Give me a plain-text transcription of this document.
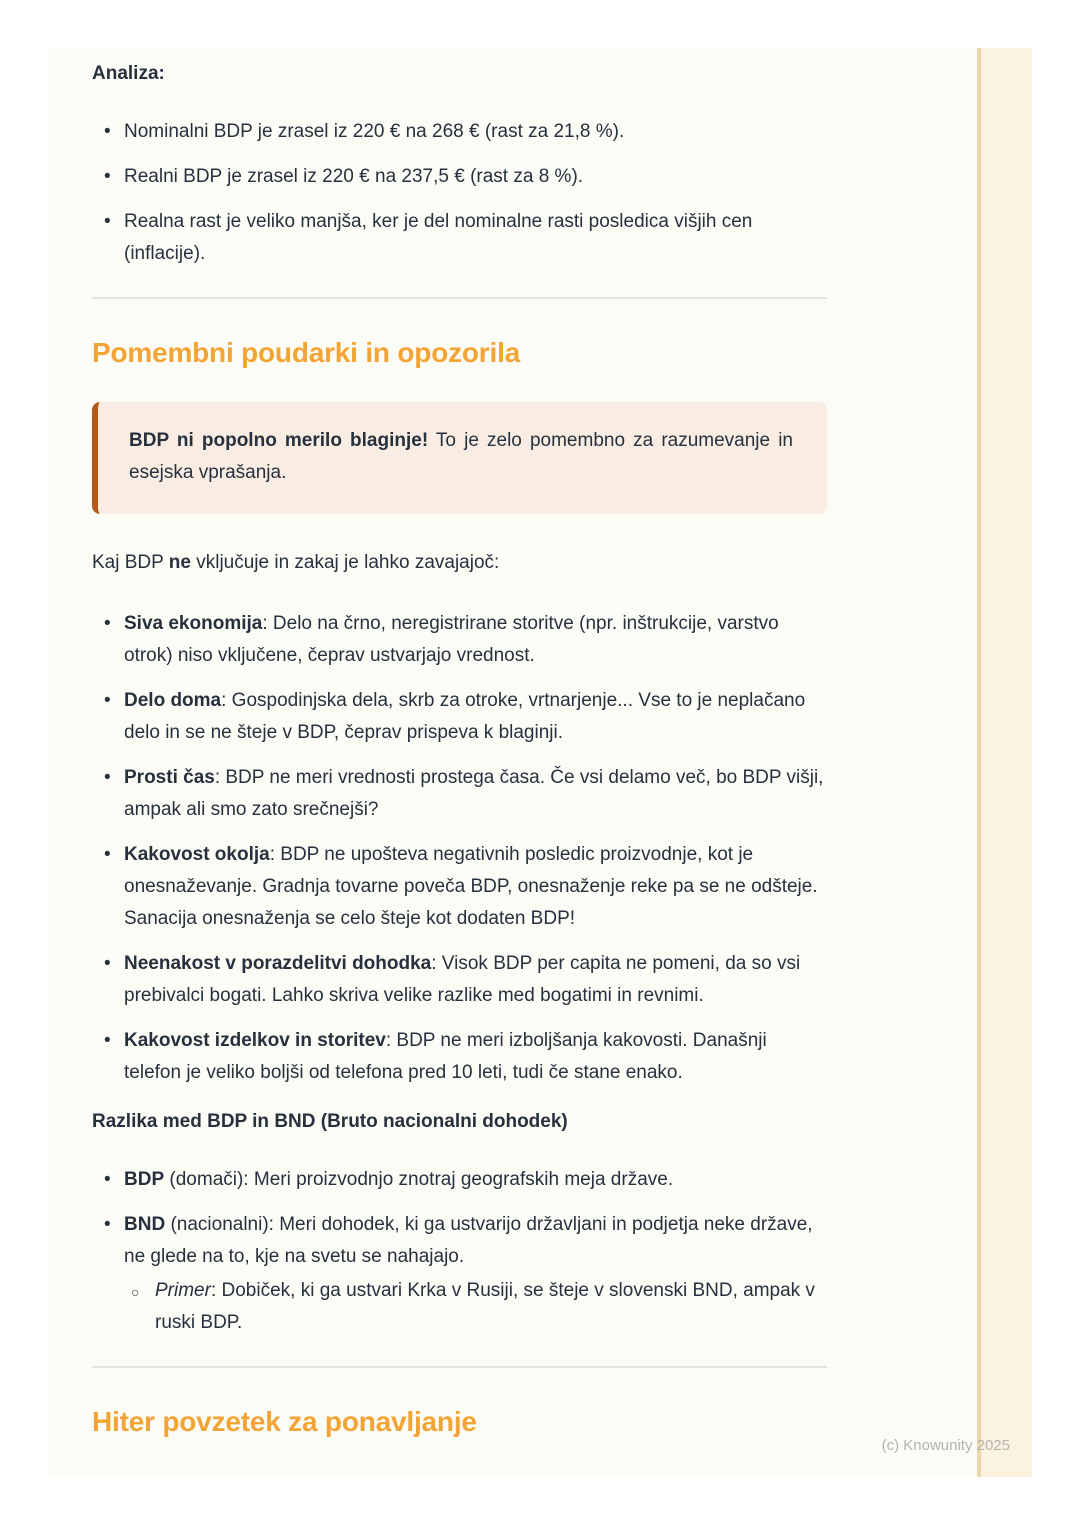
Analiza:
• Nominalni BDP je zrasel iz 220 € na 268 € (rast za 21,8 %).
• Realni BDP je zrasel iz 220 € na 237,5 € (rast za 8 %).
• Realna rast je veliko manjša, ker je del nominalne rasti posledica višjih cen (inflacije).
Pomembni poudarki in opozorila
BDP ni popolno merilo blaginje! To je zelo pomembno za razumevanje in esejska vprašanja.

Kaj BDP ne vključuje in zakaj je lahko zavajajoč:

• Siva ekonomija: Delo na črno, neregistrirane storitve (npr. inštrukcije, varstvo otrok) niso vključene, čeprav ustvarjajo vrednost.
• Delo doma: Gospodinjska dela, skrb za otroke, vrtnarjenje... Vse to je neplačano delo in se ne šteje v BDP, čeprav prispeva k blaginji.
• Prosti čas: BDP ne meri vrednosti prostega časa. Če vsi delamo več, bo BDP višji, ampak ali smo zato srečnejši?
• Kakovost okolja: BDP ne upošteva negativnih posledic proizvodnje, kot je onesnaževanje. Gradnja tovarne poveča BDP, onesnaženje reke pa se ne odšteje. Sanacija onesnaženja se celo šteje kot dodaten BDP!
• Neenakost v porazdelitvi dohodka: Visok BDP per capita ne pomeni, da so vsi prebivalci bogati. Lahko skriva velike razlike med bogatimi in revnimi.
• Kakovost izdelkov in storitev: BDP ne meri izboljšanja kakovosti. Današnji telefon je veliko boljši od telefona pred 10 leti, tudi če stane enako.
Razlika med BDP in BND (Bruto nacionalni dohodek)
• BDP (domači): Meri proizvodnjo znotraj geografskih meja države.
• BND (nacionalni): Meri dohodek, ki ga ustvarijo državljani in podjetja neke države, ne glede na to, kje na svetu se nahajajo.
○ Primer: Dobiček, ki ga ustvari Krka v Rusiji, se šteje v slovenski BND, ampak v ruski BDP.
Hiter povzetek za ponavljanje
(c) Knowunity 2025
